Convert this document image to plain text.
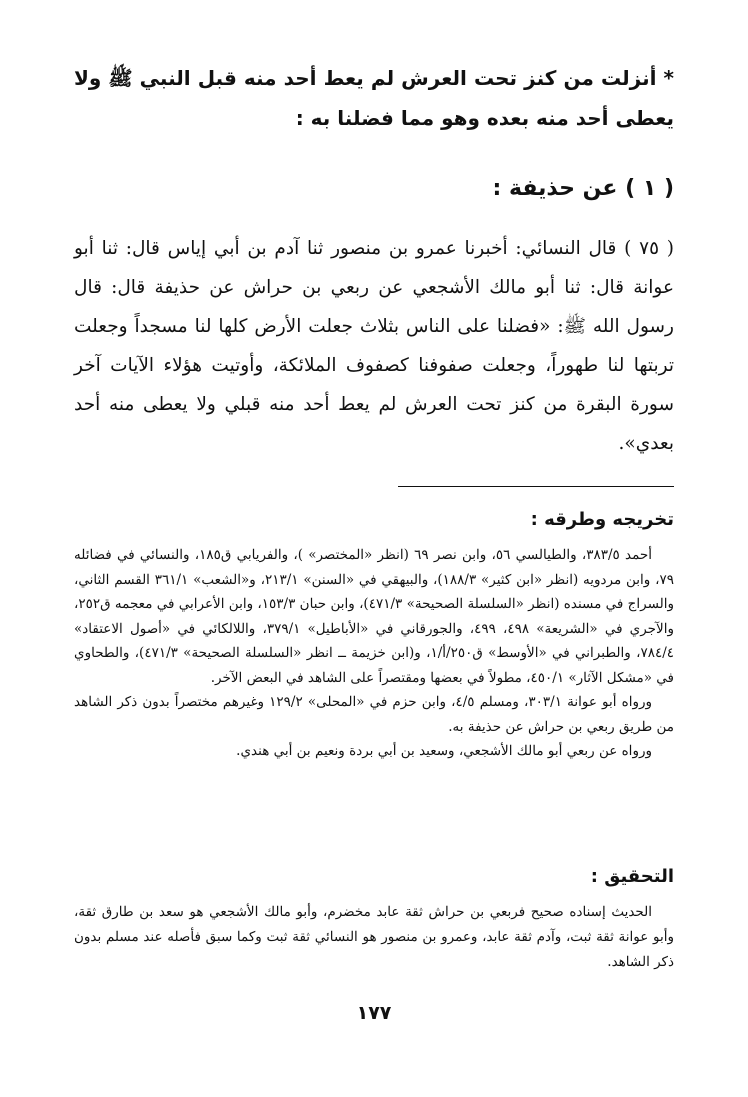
* أنزلت من كنز تحت العرش لم يعط أحد منه قبل النبي ﷺ ولا يعطى أحد منه بعده وهو مما فضلنا به :

( ١ ) عن حذيفة :

( ٧٥ ) قال النسائي: أخبرنا عمرو بن منصور ثنا آدم بن أبي إياس قال: ثنا أبو عوانة قال: ثنا أبو مالك الأشجعي عن ربعي بن حراش عن حذيفة قال: قال رسول الله ﷺ: «فضلنا على الناس بثلاث جعلت الأرض كلها لنا مسجداً وجعلت تربتها لنا طهوراً، وجعلت صفوفنا كصفوف الملائكة، وأوتيت هؤلاء الآيات آخر سورة البقرة من كنز تحت العرش لم يعط أحد منه قبلي ولا يعطى منه أحد بعدي».

تخريجه وطرقه :

أحمد ٣٨٣/٥، والطيالسي ٥٦، وابن نصر ٦٩ (انظر «المختصر» )، والفريابي ق١٨٥، والنسائي في فضائله ٧٩، وابن مردويه (انظر «ابن كثير» ١٨٨/٣)، والبيهقي في «السنن» ٢١٣/١، و«الشعب» ٣٦١/١ القسم الثاني، والسراج في مسنده (انظر «السلسلة الصحيحة» ٤٧١/٣)، وابن حبان ١٥٣/٣، وابن الأعرابي في معجمه ق٢٥٢، والآجري في «الشريعة» ٤٩٨، ٤٩٩، والجورقاني في «الأباطيل» ٣٧٩/١، واللالكائي في «أصول الاعتقاد» ٧٨٤/٤، والطبراني في «الأوسط» ق٢٥٠/أ/١، و(ابن خزيمة ــ انظر «السلسلة الصحيحة» ٤٧١/٣)، والطحاوي في «مشكل الآثار» ٤٥٠/١، مطولاً في بعضها ومقتصراً على الشاهد في البعض الآخر.

ورواه أبو عوانة ٣٠٣/١، ومسلم ٤/٥، وابن حزم في «المحلى» ١٢٩/٢ وغيرهم مختصراً بدون ذكر الشاهد من طريق ربعي بن حراش عن حذيفة به.

ورواه عن ربعي أبو مالك الأشجعي، وسعيد بن أبي بردة ونعيم بن أبي هندي.

التحقيق :

الحديث إسناده صحيح فربعي بن حراش ثقة عابد مخضرم، وأبو مالك الأشجعي هو سعد بن طارق ثقة، وأبو عوانة ثقة ثبت، وآدم ثقة عابد، وعمرو بن منصور هو النسائي ثقة ثبت وكما سبق فأصله عند مسلم بدون ذكر الشاهد.

١٧٧
